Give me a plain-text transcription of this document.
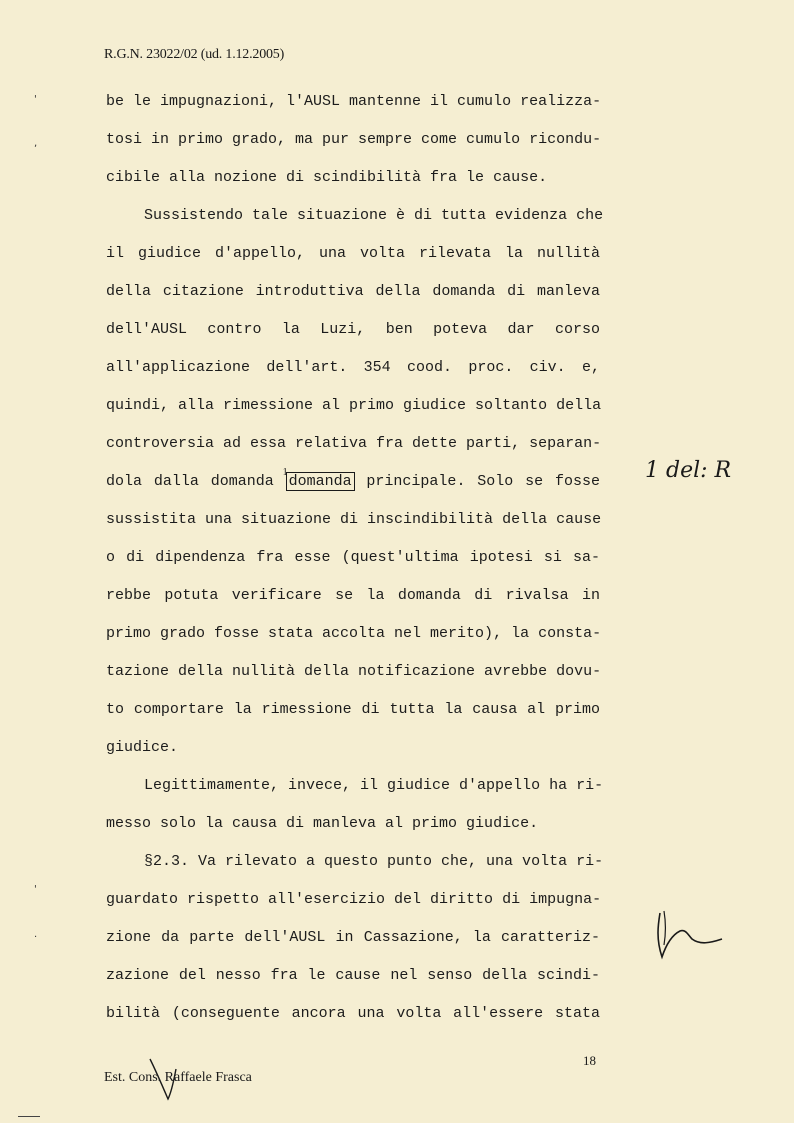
R.G.N. 23022/02 (ud. 1.12.2005)
'
,
'
·
be le impugnazioni, l'AUSL mantenne il cumulo realizza-
tosi in primo grado, ma pur sempre come cumulo ricondu-
cibile alla nozione di scindibilità fra le cause.
Sussistendo tale situazione è di tutta evidenza che
il giudice d'appello, una volta rilevata la nullità
della citazione introduttiva della domanda di manleva
dell'AUSL contro la Luzi, ben poteva dar corso
all'applicazione dell'art. 354 cood. proc. civ. e,
quindi, alla rimessione al primo giudice soltanto della
controversia ad essa relativa fra dette parti, separan-
dola dalla domanda
1
domanda principale. Solo se fosse
sussistita una situazione di inscindibilità della cause
o di dipendenza fra esse (quest'ultima ipotesi si sa-
rebbe potuta verificare se la domanda di rivalsa in
primo grado fosse stata accolta nel merito), la consta-
tazione della nullità della notificazione avrebbe dovu-
to comportare la rimessione di tutta la causa al primo
giudice.
Legittimamente, invece, il giudice d'appello ha ri-
messo solo la causa di manleva al primo giudice.
§2.3. Va rilevato a questo punto che, una volta ri-
guardato rispetto all'esercizio del diritto di impugna-
zione da parte dell'AUSL in Cassazione, la caratteriz-
zazione del nesso fra le cause nel senso della scindi-
bilità (conseguente ancora una volta all'essere stata
1 del: R
18
Est. Cons. Raffaele Frasca
